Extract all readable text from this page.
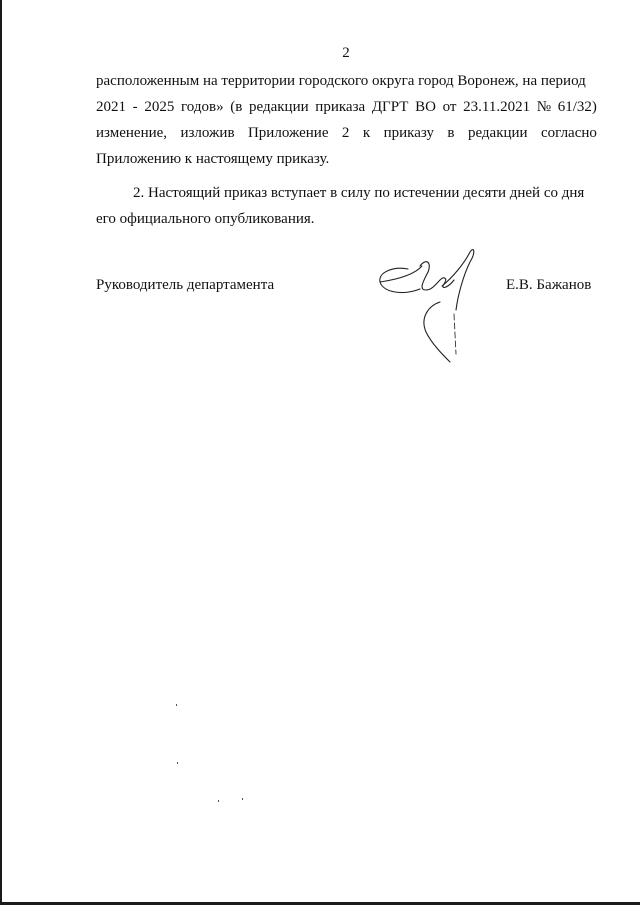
2

расположенным на территории городского округа город Воронеж, на период
2021 - 2025 годов» (в редакции приказа ДГРТ ВО от 23.11.2021 № 61/32)
изменение, изложив Приложение 2 к приказу в редакции согласно
Приложению к настоящему приказу.

2. Настоящий приказ вступает в силу по истечении десяти дней со дня
его официального опубликования.

Руководитель департамента	Е.В. Бажанов
